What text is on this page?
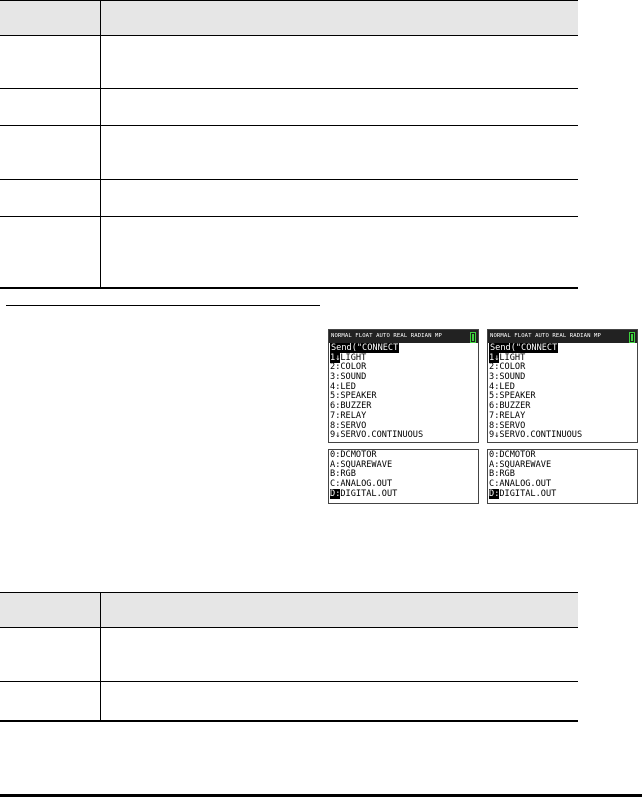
NORMAL FLOAT AUTO REAL RADIAN MP
Send("CONNECT
1↓LIGHT
2:COLOR
3:SOUND
4:LED
5:SPEAKER
6:BUZZER
7:RELAY
8:SERVO
9↓SERVO.CONTINUOUS
NORMAL FLOAT AUTO REAL RADIAN MP
Send("CONNECT
1↓LIGHT
2:COLOR
3:SOUND
4:LED
5:SPEAKER
6:BUZZER
7:RELAY
8:SERVO
9↓SERVO.CONTINUOUS
0:DCMOTOR
A:SQUAREWAVE
B:RGB
C:ANALOG.OUT
D:DIGITAL.OUT
0:DCMOTOR
A:SQUAREWAVE
B:RGB
C:ANALOG.OUT
D:DIGITAL.OUT
